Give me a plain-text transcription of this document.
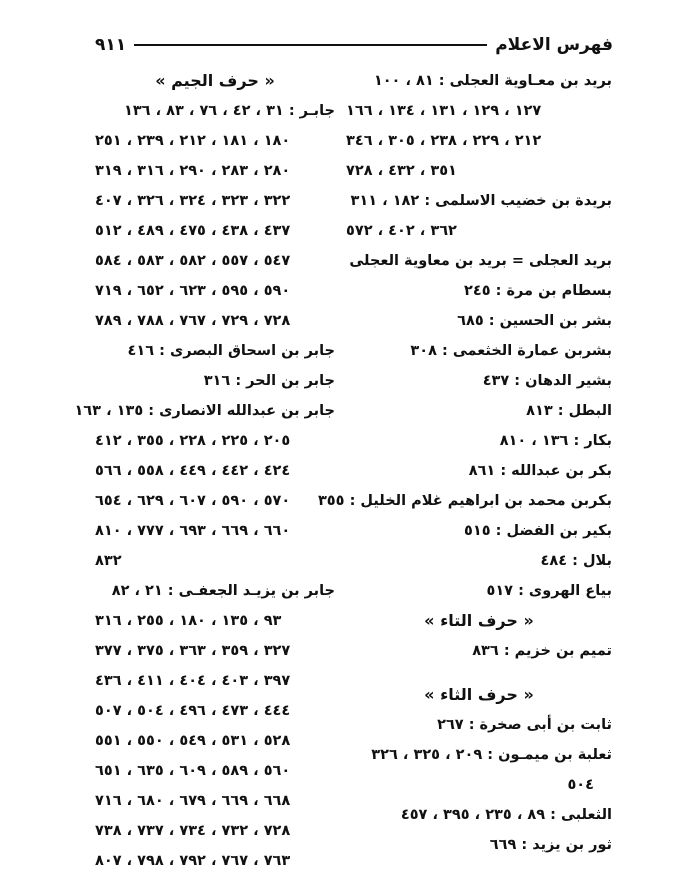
فهرس الاعلام
٩١١
بريد بن معـاوية العجلى : ٨١ ، ١٠٠
١٢٧ ، ١٢٩ ، ١٣١ ، ١٣٤ ، ١٦٦
٢١٢ ، ٢٢٩ ، ٢٣٨ ، ٣٠٥ ، ٣٤٦
٣٥١ ، ٤٣٢ ، ٧٢٨
بريدة بن خضيب الاسلمى : ١٨٢ ، ٣١١
٣٦٢ ، ٤٠٢ ، ٥٧٢
بريد العجلى = بريد بن معاوية العجلى
بسطام بن مرة : ٢٤٥
بشر بن الحسين : ٦٨٥
بشربن عمارة الخثعمى : ٣٠٨
بشير الدهان : ٤٣٧
البطل : ٨١٣
بكار : ١٣٦ ، ٨١٠
بكر بن عبدالله : ٨٦١
بكربن محمد بن ابراهيم غلام الخليل : ٣٥٥
بكير بن الفضل : ٥١٥
بلال : ٤٨٤
بياع الهروى : ٥١٧
« حرف التاء »
تميم بن خزيم : ٨٣٦
« حرف الثاء »
ثابت بن أبى صخرة : ٢٦٧
ثعلبة بن ميمـون : ٢٠٩ ، ٣٢٥ ، ٣٢٦
٥٠٤
الثعلبى : ٨٩ ، ٢٣٥ ، ٣٩٥ ، ٤٥٧
ثور بن يزيد : ٦٦٩
« حرف الجيم »
جابـر : ٣١ ، ٤٢ ، ٧٦ ، ٨٣ ، ١٣٦
١٨٠ ، ١٨١ ، ٢١٢ ، ٢٣٩ ، ٢٥١
٢٨٠ ، ٢٨٣ ، ٢٩٠ ، ٣١٦ ، ٣١٩
٣٢٢ ، ٣٢٣ ، ٣٢٤ ، ٣٢٦ ، ٤٠٧
٤٣٧ ، ٤٣٨ ، ٤٧٥ ، ٤٨٩ ، ٥١٢
٥٤٧ ، ٥٥٧ ، ٥٨٢ ، ٥٨٣ ، ٥٨٤
٥٩٠ ، ٥٩٥ ، ٦٢٣ ، ٦٥٢ ، ٧١٩
٧٢٨ ، ٧٢٩ ، ٧٦٧ ، ٧٨٨ ، ٧٨٩
جابر بن اسحاق البصرى : ٤١٦
جابر بن الحر : ٣١٦
جابر بن عبدالله الانصارى : ١٣٥ ، ١٦٣
٢٠٥ ، ٢٢٥ ، ٢٢٨ ، ٣٥٥ ، ٤١٢
٤٢٤ ، ٤٤٢ ، ٤٤٩ ، ٥٥٨ ، ٥٦٦
٥٧٠ ، ٥٩٠ ، ٦٠٧ ، ٦٢٩ ، ٦٥٤
٦٦٠ ، ٦٦٩ ، ٦٩٣ ، ٧٧٧ ، ٨١٠
٨٣٢
جابر بن يزيـد الجعفـى : ٢١ ، ٨٢
٩٣ ، ١٣٥ ، ١٨٠ ، ٢٥٥ ، ٣١٦
٣٢٧ ، ٣٥٩ ، ٣٦٣ ، ٣٧٥ ، ٣٧٧
٣٩٧ ، ٤٠٣ ، ٤٠٤ ، ٤١١ ، ٤٣٦
٤٤٤ ، ٤٧٣ ، ٤٩٦ ، ٥٠٤ ، ٥٠٧
٥٢٨ ، ٥٣١ ، ٥٤٩ ، ٥٥٠ ، ٥٥١
٥٦٠ ، ٥٨٩ ، ٦٠٩ ، ٦٣٥ ، ٦٥١
٦٦٨ ، ٦٦٩ ، ٦٧٩ ، ٦٨٠ ، ٧١٦
٧٢٨ ، ٧٣٢ ، ٧٣٤ ، ٧٣٧ ، ٧٣٨
٧٦٣ ، ٧٦٧ ، ٧٩٢ ، ٧٩٨ ، ٨٠٧
